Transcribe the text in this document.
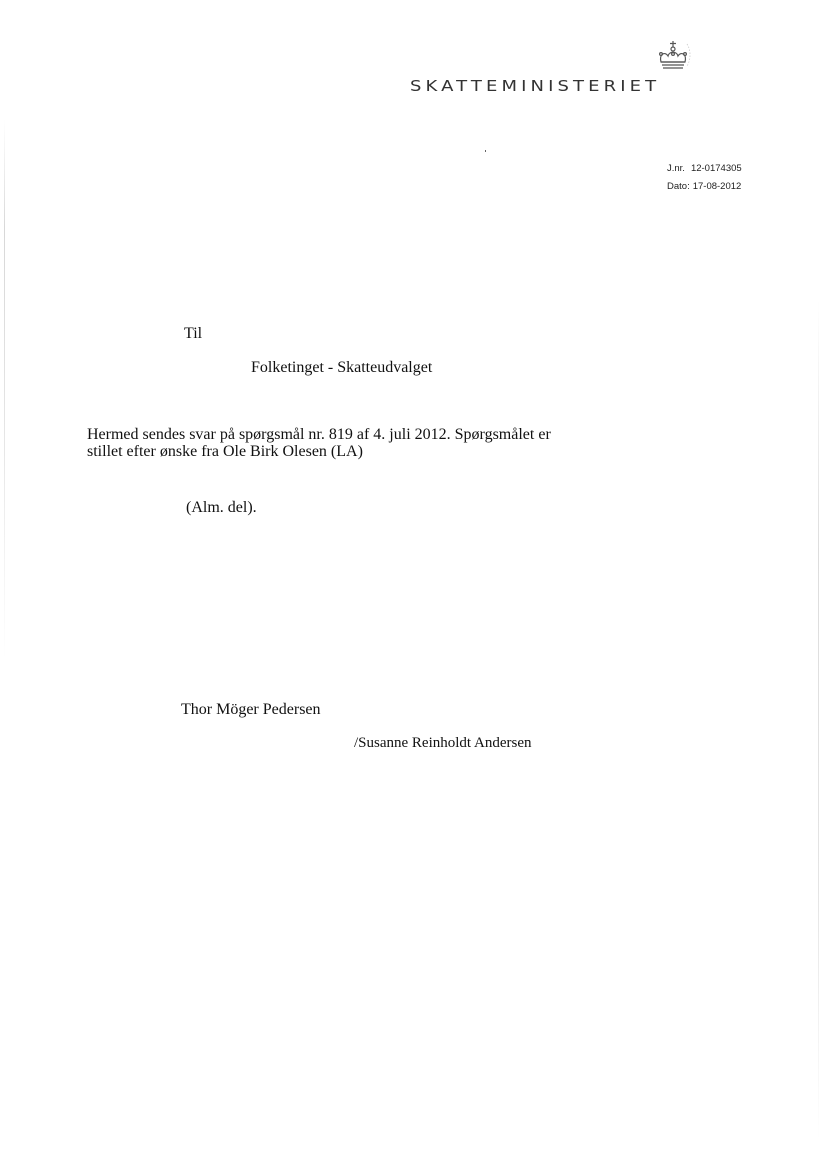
SKATTEMINISTERIET
J.nr. 12-0174305
Dato: 17-08-2012
Til
Folketinget - Skatteudvalget

Hermed sendes svar på spørgsmål nr. 819 af 4. juli 2012. Spørgsmålet er

stillet efter ønske fra Ole Birk Olesen (LA)

(Alm. del).
Thor Möger Pedersen
/Susanne Reinholdt Andersen
